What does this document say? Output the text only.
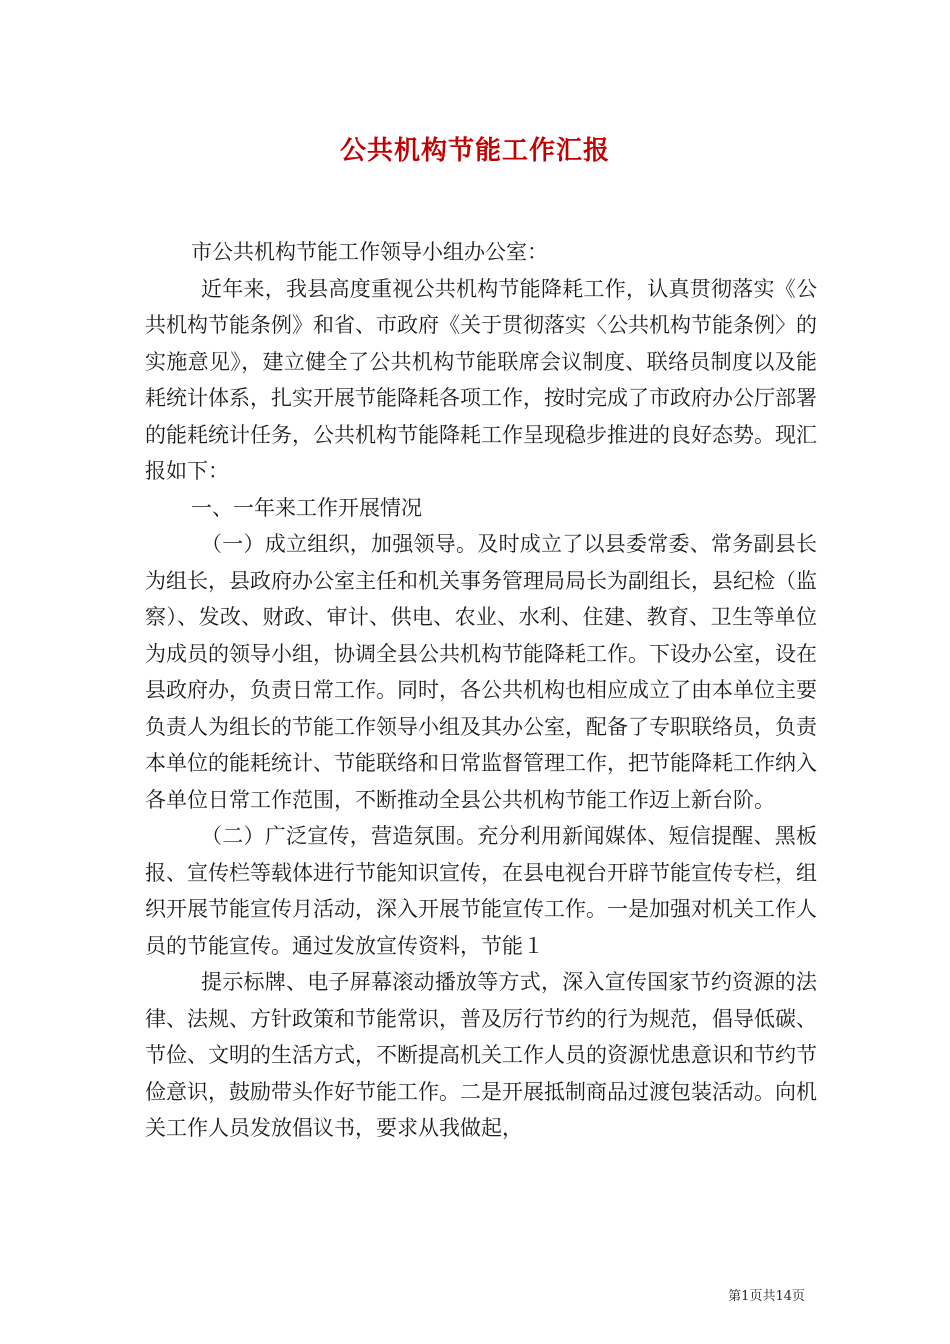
公共机构节能工作汇报

市公共机构节能工作领导小组办公室：

近年来，我县高度重视公共机构节能降耗工作，认真贯彻落实《公共机构节能条例》和省、市政府《关于贯彻落实〈公共机构节能条例〉的实施意见》，建立健全了公共机构节能联席会议制度、联络员制度以及能耗统计体系，扎实开展节能降耗各项工作，按时完成了市政府办公厅部署的能耗统计任务，公共机构节能降耗工作呈现稳步推进的良好态势。现汇报如下：

一、一年来工作开展情况

（一）成立组织，加强领导。及时成立了以县委常委、常务副县长为组长，县政府办公室主任和机关事务管理局局长为副组长，县纪检（监察）、发改、财政、审计、供电、农业、水利、住建、教育、卫生等单位为成员的领导小组，协调全县公共机构节能降耗工作。下设办公室，设在县政府办，负责日常工作。同时，各公共机构也相应成立了由本单位主要负责人为组长的节能工作领导小组及其办公室，配备了专职联络员，负责本单位的能耗统计、节能联络和日常监督管理工作，把节能降耗工作纳入各单位日常工作范围，不断推动全县公共机构节能工作迈上新台阶。

（二）广泛宣传，营造氛围。充分利用新闻媒体、短信提醒、黑板报、宣传栏等载体进行节能知识宣传，在县电视台开辟节能宣传专栏，组织开展节能宣传月活动，深入开展节能宣传工作。一是加强对机关工作人员的节能宣传。通过发放宣传资料，节能１

提示标牌、电子屏幕滚动播放等方式，深入宣传国家节约资源的法律、法规、方针政策和节能常识，普及厉行节约的行为规范，倡导低碳、节俭、文明的生活方式，不断提高机关工作人员的资源忧患意识和节约节俭意识，鼓励带头作好节能工作。二是开展抵制商品过渡包装活动。向机关工作人员发放倡议书，要求从我做起，

第1页共14页
